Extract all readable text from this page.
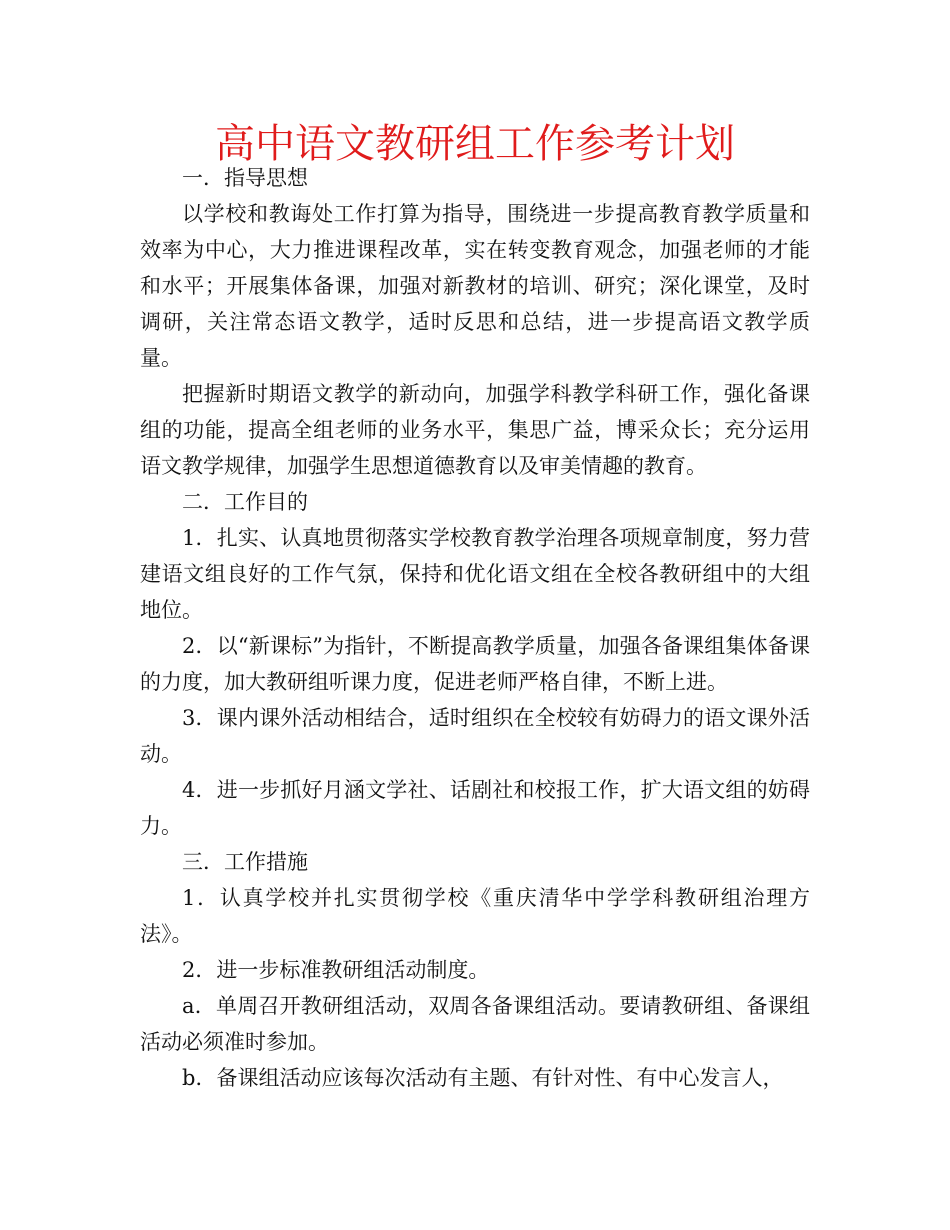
高中语文教研组工作参考计划

一．指导思想

以学校和教诲处工作打算为指导，围绕进一步提高教育教学质量和效率为中心，大力推进课程改革，实在转变教育观念，加强老师的才能和水平；开展集体备课，加强对新教材的培训、研究；深化课堂，及时调研，关注常态语文教学，适时反思和总结，进一步提高语文教学质量。

把握新时期语文教学的新动向，加强学科教学科研工作，强化备课组的功能，提高全组老师的业务水平，集思广益，博采众长；充分运用语文教学规律，加强学生思想道德教育以及审美情趣的教育。

二．工作目的

1．扎实、认真地贯彻落实学校教育教学治理各项规章制度，努力营建语文组良好的工作气氛，保持和优化语文组在全校各教研组中的大组地位。

2．以“新课标”为指针，不断提高教学质量，加强各备课组集体备课的力度，加大教研组听课力度，促进老师严格自律，不断上进。

3．课内课外活动相结合，适时组织在全校较有妨碍力的语文课外活动。

4．进一步抓好月涵文学社、话剧社和校报工作，扩大语文组的妨碍力。

三．工作措施

1．认真学校并扎实贯彻学校《重庆清华中学学科教研组治理方法》。

2．进一步标准教研组活动制度。

a．单周召开教研组活动，双周各备课组活动。要请教研组、备课组活动必须准时参加。

b．备课组活动应该每次活动有主题、有针对性、有中心发言人，
